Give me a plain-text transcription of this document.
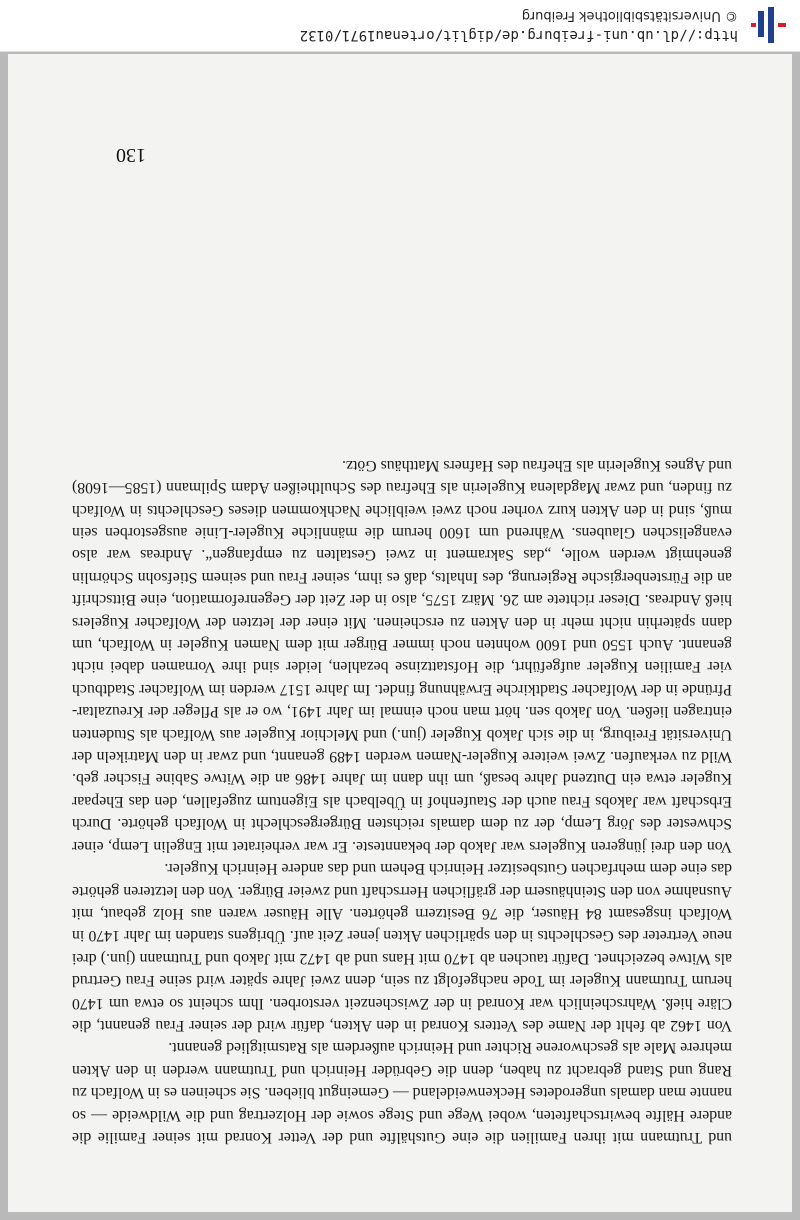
und Trutmann mit ihren Familien die eine Gutshälfte und der Vetter Konrad mit seiner Familie die andere Hälfte bewirtschafteten, wobei Wege und Stege sowie der Holzertrag und die Wildweide — so nannte man damals ungerodetes Heckenweideland — Gemeingut blieben. Sie scheinen es in Wolfach zu Rang und Stand gebracht zu haben, denn die Gebrüder Heinrich und Trutmann werden in den Akten mehrere Male als geschworene Richter und Heinrich außerdem als Ratsmitglied genannt.

Von 1462 ab fehlt der Name des Vetters Konrad in den Akten, dafür wird der seiner Frau genannt, die Cläre hieß. Wahrscheinlich war Konrad in der Zwischenzeit verstorben. Ihm scheint so etwa um 1470 herum Trutmann Kugeler im Tode nachgefolgt zu sein, denn zwei Jahre später wird seine Frau Gertrud als Witwe bezeichnet. Dafür tauchen ab 1470 mit Hans und ab 1472 mit Jakob und Trutmann (jun.) drei neue Vertreter des Geschlechts in den spärlichen Akten jener Zeit auf. Übrigens standen im Jahr 1470 in Wolfach insgesamt 84 Häuser, die 76 Besitzern gehörten. Alle Häuser waren aus Holz gebaut, mit Ausnahme von den Steinhäusern der gräflichen Herrschaft und zweier Bürger. Von den letzteren gehörte das eine dem mehrfachen Gutsbesitzer Heinrich Behem und das andere Heinrich Kugeler.

Von den drei jüngeren Kugelers war Jakob der bekannteste. Er war verheiratet mit Engelin Lemp, einer Schwester des Jörg Lemp, der zu dem damals reichsten Bürgergeschlecht in Wolfach gehörte. Durch Erbschaft war Jakobs Frau auch der Staufenhof in Übelbach als Eigentum zugefallen, den das Ehepaar Kugeler etwa ein Dutzend Jahre besaß, um ihn dann im Jahre 1486 an die Witwe Sabine Fischer geb. Wild zu verkaufen. Zwei weitere Kugeler-Namen werden 1489 genannt, und zwar in den Matrikeln der Universität Freiburg, in die sich Jakob Kugeler (jun.) und Melchior Kugeler aus Wolfach als Studenten eintragen ließen. Von Jakob sen. hört man noch einmal im Jahr 1491, wo er als Pfleger der Kreuzaltar-Pfründe in der Wolfacher Stadtkirche Erwähnung findet. Im Jahre 1517 werden im Wolfacher Stadtbuch vier Familien Kugeler aufgeführt, die Hofstattzinse bezahlen, leider sind ihre Vornamen dabei nicht genannt. Auch 1550 und 1600 wohnten noch immer Bürger mit dem Namen Kugeler in Wolfach, um dann späterhin nicht mehr in den Akten zu erscheinen. Mit einer der letzten der Wolfacher Kugelers hieß Andreas. Dieser richtete am 26. März 1575, also in der Zeit der Gegenreformation, eine Bittschrift an die Fürstenbergische Regierung, des Inhalts, daß es ihm, seiner Frau und seinem Stiefsohn Schörnlin genehmigt werden wolle, „das Sakrament in zwei Gestalten zu empfangen“. Andreas war also evangelischen Glaubens. Während um 1600 herum die männliche Kugeler-Linie ausgestorben sein muß, sind in den Akten kurz vorher noch zwei weibliche Nachkommen dieses Geschlechts in Wolfach zu finden, und zwar Magdalena Kugelerin als Ehefrau des Schultheißen Adam Spilmann (1585—1608) und Agnes Kugelerin als Ehefrau des Hafners Matthäus Götz.

130
http://dl.ub.uni-freiburg.de/diglit/ortenau1971/0132
© Universitätsbibliothek Freiburg
